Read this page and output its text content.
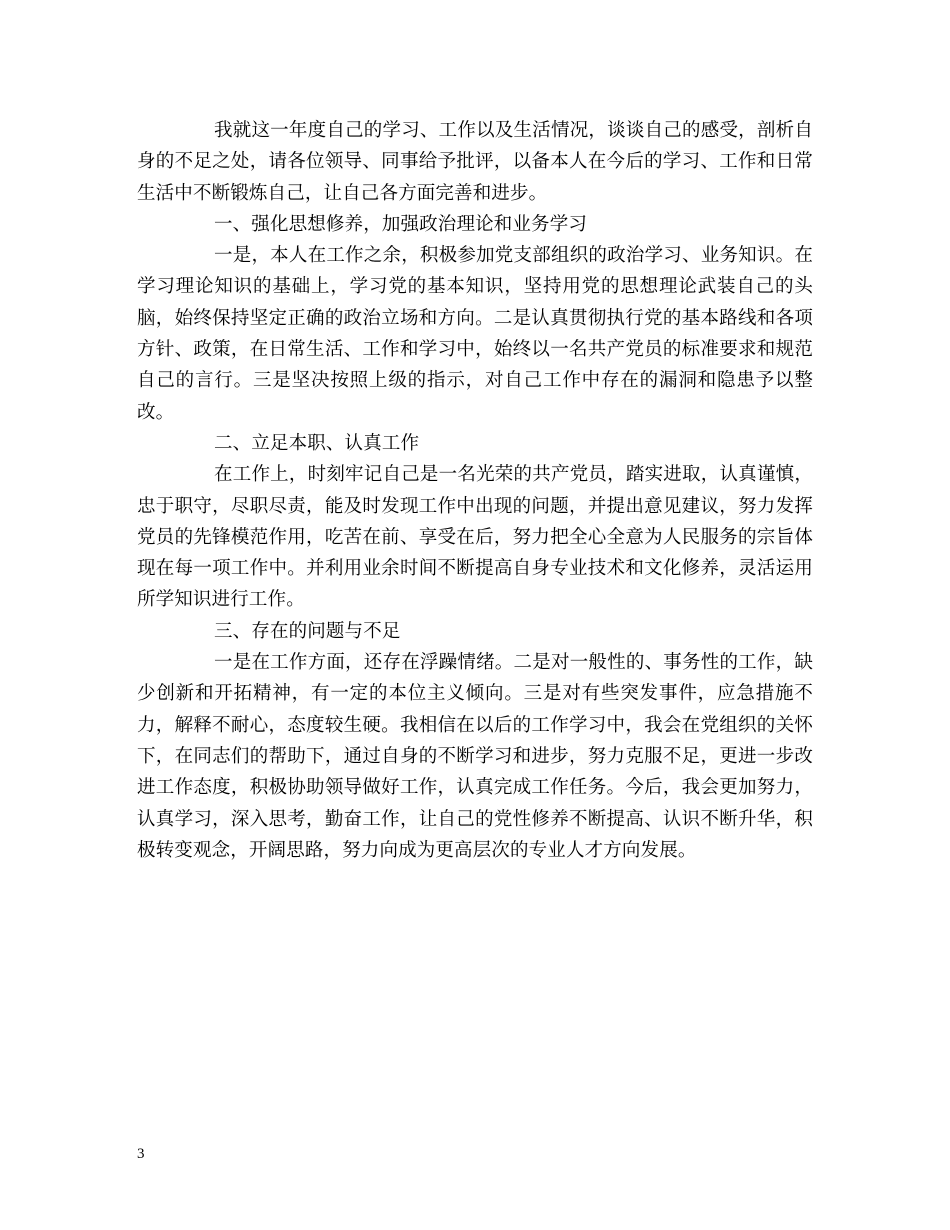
我就这一年度自己的学习、工作以及生活情况，谈谈自己的感受，剖析自身的不足之处，请各位领导、同事给予批评，以备本人在今后的学习、工作和日常生活中不断锻炼自己，让自己各方面完善和进步。

一、强化思想修养，加强政治理论和业务学习

一是，本人在工作之余，积极参加党支部组织的政治学习、业务知识。在学习理论知识的基础上，学习党的基本知识，坚持用党的思想理论武装自己的头脑，始终保持坚定正确的政治立场和方向。二是认真贯彻执行党的基本路线和各项方针、政策，在日常生活、工作和学习中，始终以一名共产党员的标准要求和规范自己的言行。三是坚决按照上级的指示，对自己工作中存在的漏洞和隐患予以整改。

二、立足本职、认真工作

在工作上，时刻牢记自己是一名光荣的共产党员，踏实进取，认真谨慎，忠于职守，尽职尽责，能及时发现工作中出现的问题，并提出意见建议，努力发挥党员的先锋模范作用，吃苦在前、享受在后，努力把全心全意为人民服务的宗旨体现在每一项工作中。并利用业余时间不断提高自身专业技术和文化修养，灵活运用所学知识进行工作。

三、存在的问题与不足

一是在工作方面，还存在浮躁情绪。二是对一般性的、事务性的工作，缺少创新和开拓精神，有一定的本位主义倾向。三是对有些突发事件，应急措施不力，解释不耐心，态度较生硬。我相信在以后的工作学习中，我会在党组织的关怀下，在同志们的帮助下，通过自身的不断学习和进步，努力克服不足，更进一步改进工作态度，积极协助领导做好工作，认真完成工作任务。今后，我会更加努力，认真学习，深入思考，勤奋工作，让自己的党性修养不断提高、认识不断升华，积极转变观念，开阔思路，努力向成为更高层次的专业人才方向发展。

3
